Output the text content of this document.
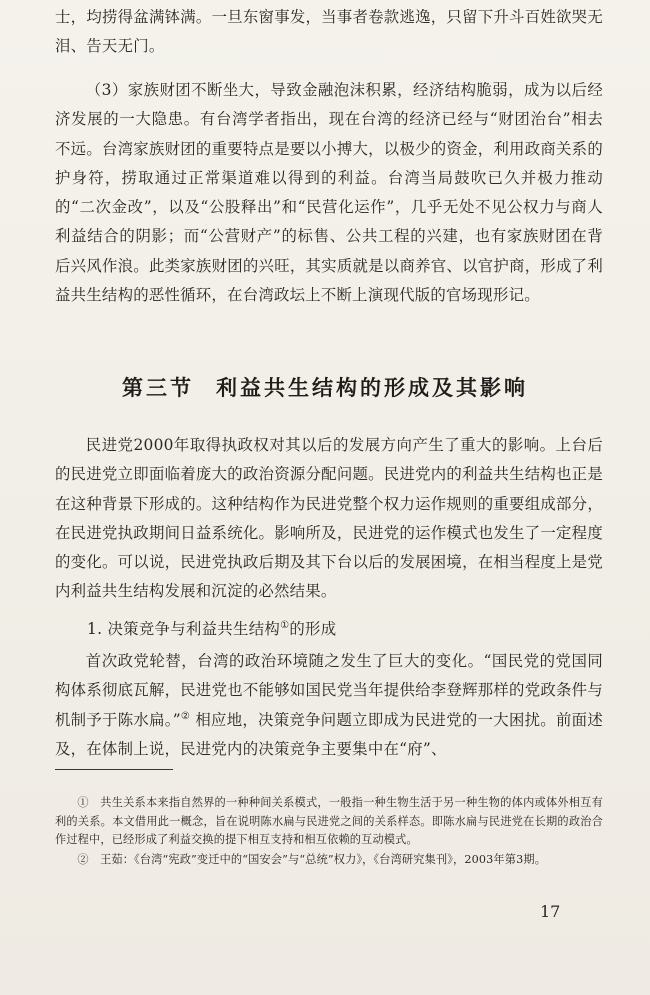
士，均捞得盆满钵满。一旦东窗事发，当事者卷款逃逸，只留下升斗百姓欲哭无泪、告天无门。

（3）家族财团不断坐大，导致金融泡沫积累，经济结构脆弱，成为以后经济发展的一大隐患。有台湾学者指出，现在台湾的经济已经与“财团治台”相去不远。台湾家族财团的重要特点是要以小搏大，以极少的资金，利用政商关系的护身符，捞取通过正常渠道难以得到的利益。台湾当局鼓吹已久并极力推动的“二次金改”，以及“公股释出”和“民营化运作”，几乎无处不见公权力与商人利益结合的阴影；而“公营财产”的标售、公共工程的兴建，也有家族财团在背后兴风作浪。此类家族财团的兴旺，其实质就是以商养官、以官护商，形成了利益共生结构的恶性循环，在台湾政坛上不断上演现代版的官场现形记。

第三节 利益共生结构的形成及其影响

民进党2000年取得执政权对其以后的发展方向产生了重大的影响。上台后的民进党立即面临着庞大的政治资源分配问题。民进党内的利益共生结构也正是在这种背景下形成的。这种结构作为民进党整个权力运作规则的重要组成部分，在民进党执政期间日益系统化。影响所及，民进党的运作模式也发生了一定程度的变化。可以说，民进党执政后期及其下台以后的发展困境，在相当程度上是党内利益共生结构发展和沉淀的必然结果。

1. 决策竞争与利益共生结构①的形成

首次政党轮替，台湾的政治环境随之发生了巨大的变化。“国民党的党国同构体系彻底瓦解，民进党也不能够如国民党当年提供给李登辉那样的党政条件与机制予于陈水扁。”② 相应地，决策竞争问题立即成为民进党的一大困扰。前面述及，在体制上说，民进党内的决策竞争主要集中在“府”、

①　 共生关系本来指自然界的一种种间关系模式，一般指一种生物生活于另一种生物的体内或体外相互有利的关系。本文借用此一概念，旨在说明陈水扁与民进党之间的关系样态。即陈水扁与民进党在长期的政治合作过程中，已经形成了利益交换的提下相互支持和相互依赖的互动模式。

②　 王茹：《台湾“宪政”变迁中的“国安会”与“总统”权力》，《台湾研究集刊》，2003年第3期。

17
